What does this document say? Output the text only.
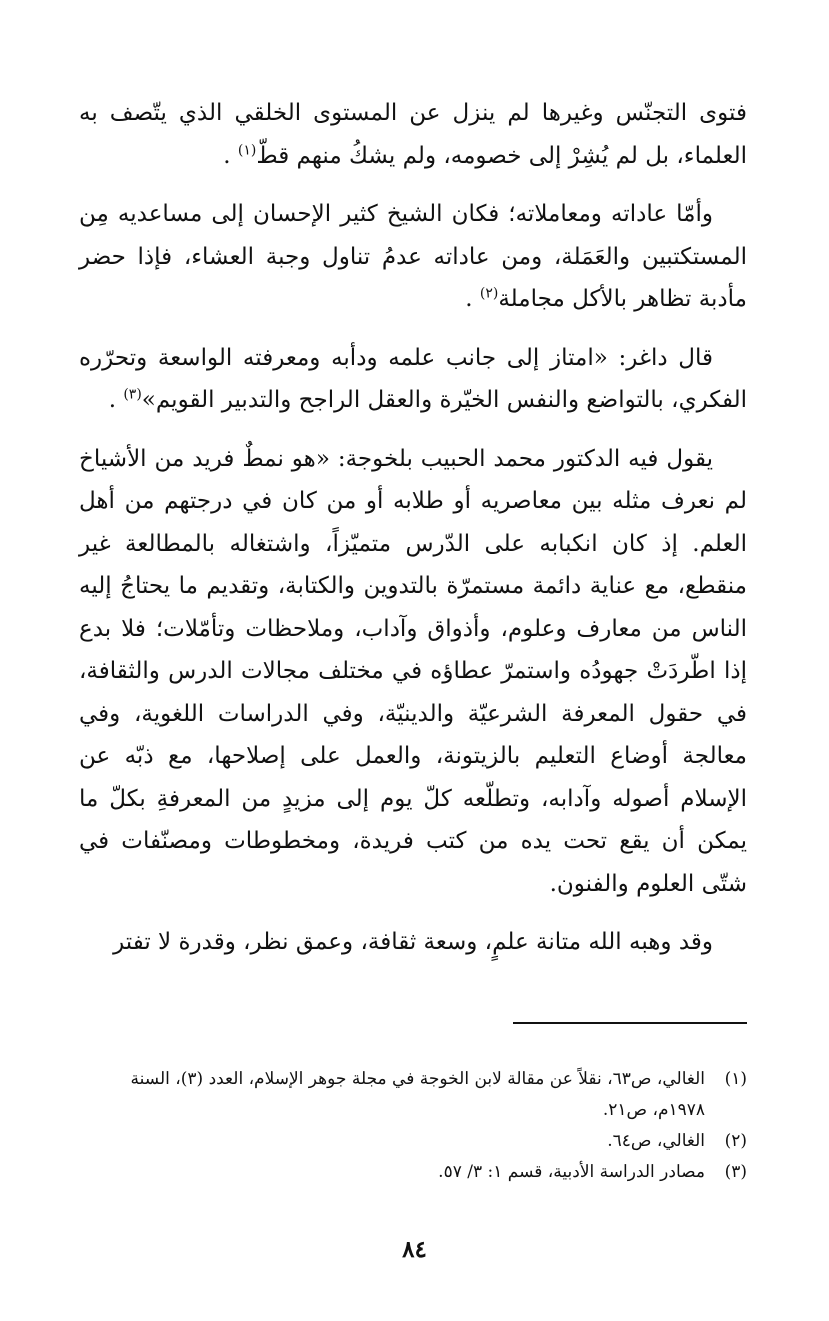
فتوى التجنّس وغيرها لم ينزل عن المستوى الخلقي الذي يتّصف به العلماء، بل لم يُشِرْ إلى خصومه، ولم يشكُ منهم قطّ$^{(١)}$ .

وأمّا عاداته ومعاملاته؛ فكان الشيخ كثير الإحسان إلى مساعديه مِن المستكتبين والعَمَلة، ومن عاداته عدمُ تناول وجبة العشاء، فإذا حضر مأدبة تظاهر بالأكل مجاملة$^{(٢)}$ .

قال داغر: «امتاز إلى جانب علمه ودأبه ومعرفته الواسعة وتحرّره الفكري، بالتواضع والنفس الخيّرة والعقل الراجح والتدبير القويم»$^{(٣)}$ .

يقول فيه الدكتور محمد الحبيب بلخوجة: «هو نمطٌ فريد من الأشياخ لم نعرف مثله بين معاصريه أو طلابه أو من كان في درجتهم من أهل العلم. إذ كان انكبابه على الدّرس متميّزاً، واشتغاله بالمطالعة غير منقطع، مع عناية دائمة مستمرّة بالتدوين والكتابة، وتقديم ما يحتاجُ إليه الناس من معارف وعلوم، وأذواق وآداب، وملاحظات وتأمّلات؛ فلا بدع إذا اطّردَتْ جهودُه واستمرّ عطاؤه في مختلف مجالات الدرس والثقافة، في حقول المعرفة الشرعيّة والدينيّة، وفي الدراسات اللغوية، وفي معالجة أوضاع التعليم بالزيتونة، والعمل على إصلاحها، مع ذبّه عن الإسلام أصوله وآدابه، وتطلّعه كلّ يوم إلى مزيدٍ من المعرفةِ بكلّ ما يمكن أن يقع تحت يده من كتب فريدة، ومخطوطات ومصنّفات في شتّى العلوم والفنون.

وقد وهبه الله متانة علمٍ، وسعة ثقافة، وعمق نظر، وقدرة لا تفتر

(١)
الغالي، ص٦٣، نقلاً عن مقالة لابن الخوجة في مجلة جوهر الإسلام، العدد (٣)، السنة ١٩٧٨م، ص٢١.
(٢)
الغالي، ص٦٤.
(٣)
مصادر الدراسة الأدبية، قسم ١: ٣/ ٥٧.
٨٤
